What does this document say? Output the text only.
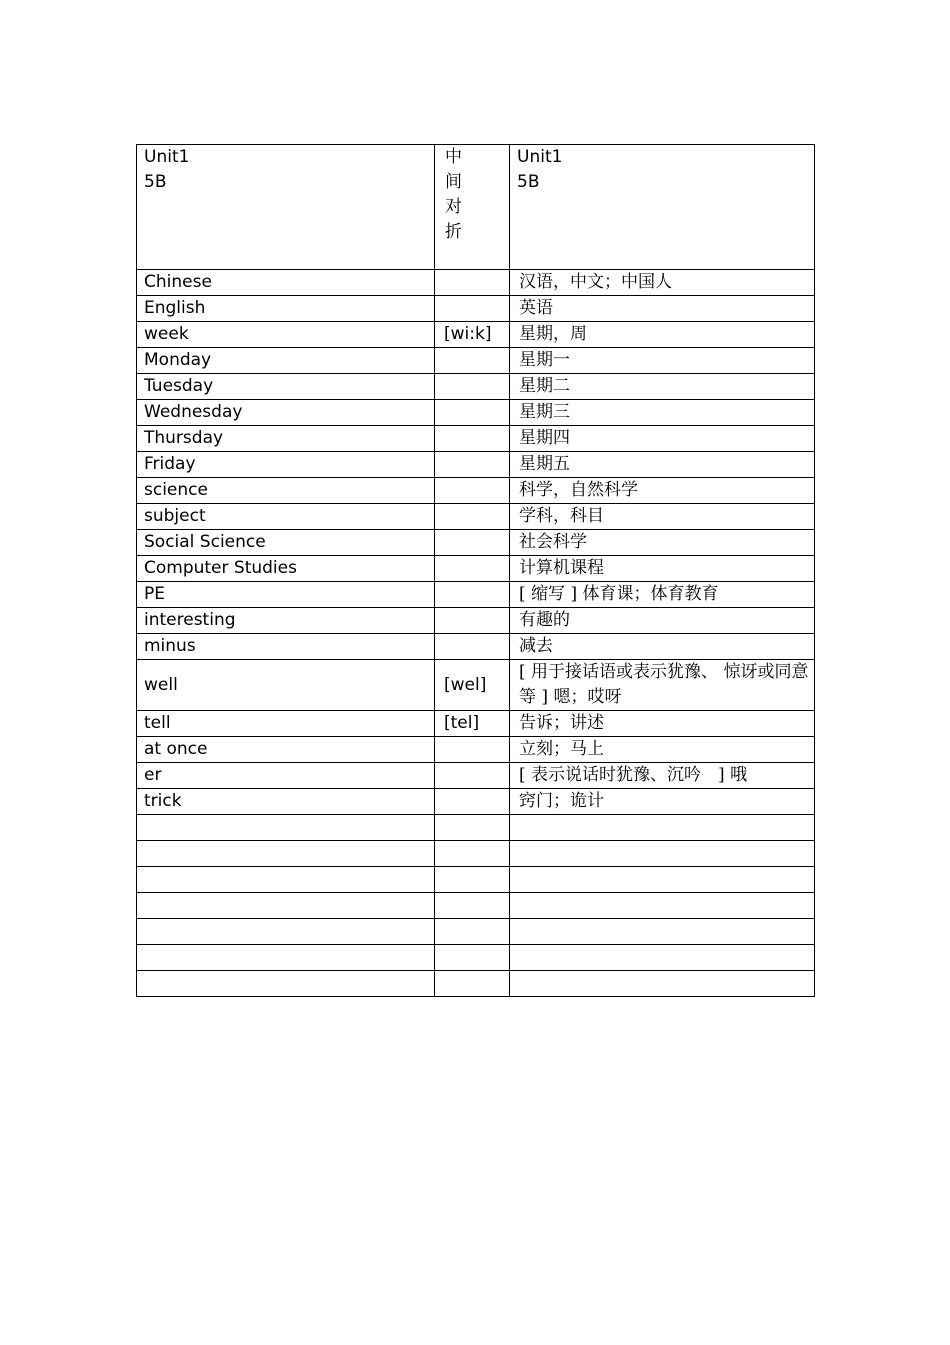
Unit1
5B	中
间
对
折	Unit1
5B

Chinese		汉语，中文；中国人
English		英语
week	[wi:k]	星期，周
Monday		星期一
Tuesday		星期二
Wednesday		星期三
Thursday		星期四
Friday		星期五
science		科学，自然科学
subject		学科，科目
Social Science		社会科学
Computer Studies		计算机课程
PE		[ 缩写 ] 体育课；体育教育
interesting		有趣的
minus		减去
well	[wel]	[ 用于接话语或表示犹豫、 惊讶或同意等 ] 嗯；哎呀
tell	[tel]	告诉；讲述
at once		立刻；马上
er		[ 表示说话时犹豫、沉吟　] 哦
trick		窍门；诡计
